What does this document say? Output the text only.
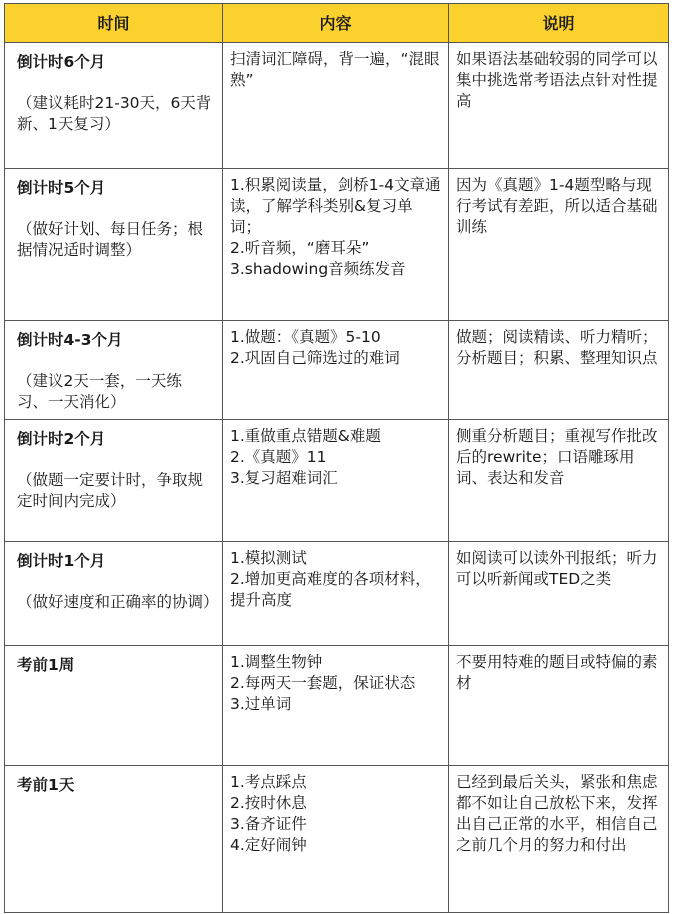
时间	内容	说明

倒计时6个月
（建议耗时21-30天，6天背新、1天复习）	扫清词汇障碍，背一遍，“混眼熟”	如果语法基础较弱的同学可以集中挑选常考语法点针对性提高

倒计时5个月
（做好计划、每日任务；根据情况适时调整）	1.积累阅读量，剑桥1-4文章通读，了解学科类别&复习单词；
2.听音频，“磨耳朵”
3.shadowing音频练发音	因为《真题》1-4题型略与现行考试有差距，所以适合基础训练

倒计时4-3个月
（建议2天一套，一天练习、一天消化）	1.做题：《真题》5-10
2.巩固自己筛选过的难词	做题；阅读精读、听力精听；分析题目；积累、整理知识点

倒计时2个月
（做题一定要计时，争取规定时间内完成）	1.重做重点错题&难题
2.《真题》11
3.复习超难词汇	侧重分析题目；重视写作批改后的rewrite；口语雕琢用词、表达和发音

倒计时1个月
（做好速度和正确率的协调）	1.模拟测试
2.增加更高难度的各项材料，提升高度	如阅读可以读外刊报纸；听力可以听新闻或TED之类

考前1周	1.调整生物钟
2.每两天一套题，保证状态
3.过单词	不要用特难的题目或特偏的素材

考前1天	1.考点踩点
2.按时休息
3.备齐证件
4.定好闹钟	已经到最后关头，紧张和焦虑都不如让自己放松下来，发挥出自己正常的水平，相信自己之前几个月的努力和付出
